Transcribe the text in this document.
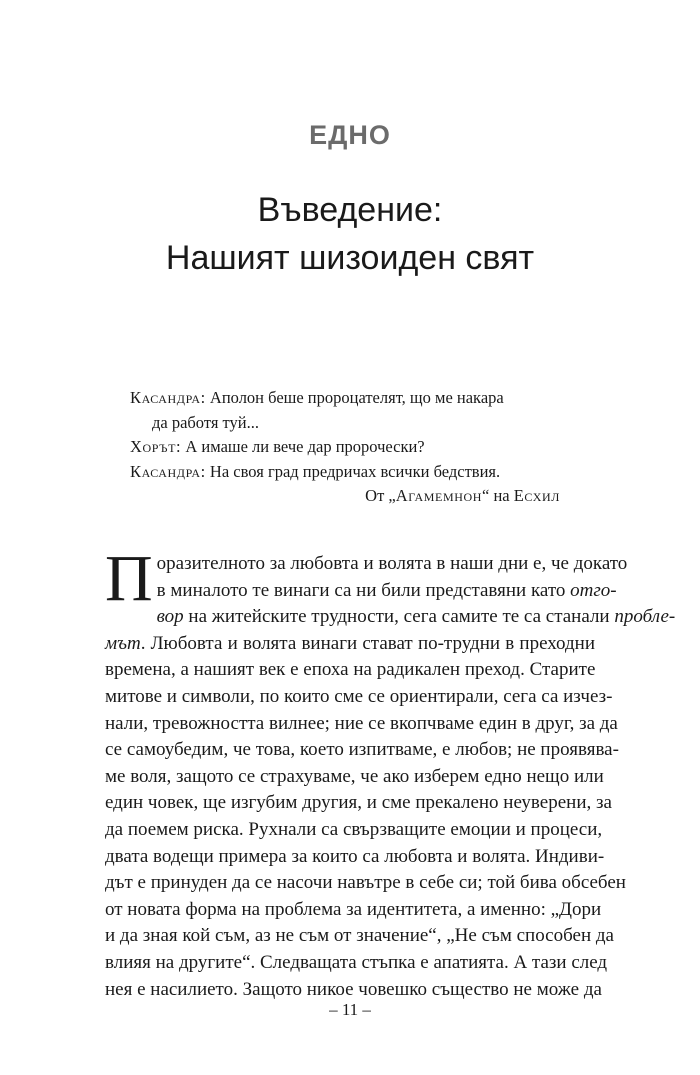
ЕДНО
Въведение:
Нашият шизоиден свят
Касандра: Аполон беше пророцателят, що ме накара
да работя туй...
Хорът: А имаше ли вече дар пророчески?
Касандра: На своя град предричах всички бедствия.
От „Агамемнон“ на Есхил
П оразителното за любовта и волята в наши дни е, че докато
в миналото те винаги са ни били представяни като отго-
вор на житейските трудности, сега самите те са станали пробле-
мът. Любовта и волята винаги стават по-трудни в преходни
времена, а нашият век е епоха на радикален преход. Старите
митове и символи, по които сме се ориентирали, сега са изчез-
нали, тревожността вилнее; ние се вкопчваме един в друг, за да
се самоубедим, че това, което изпитваме, е любов; не проявява-
ме воля, защото се страхуваме, че ако изберем едно нещо или
един човек, ще изгубим другия, и сме прекалено неуверени, за
да поемем риска. Рухнали са свързващите емоции и процеси,
двата водещи примера за които са любовта и волята. Индиви-
дът е принуден да се насочи навътре в себе си; той бива обсебен
от новата форма на проблема за идентитета, а именно: „Дори
и да зная кой съм, аз не съм от значение“, „Не съм способен да
влияя на другите“. Следващата стъпка е апатията. А тази след
нея е насилието. Защото никое човешко същество не може да
– 11 –
